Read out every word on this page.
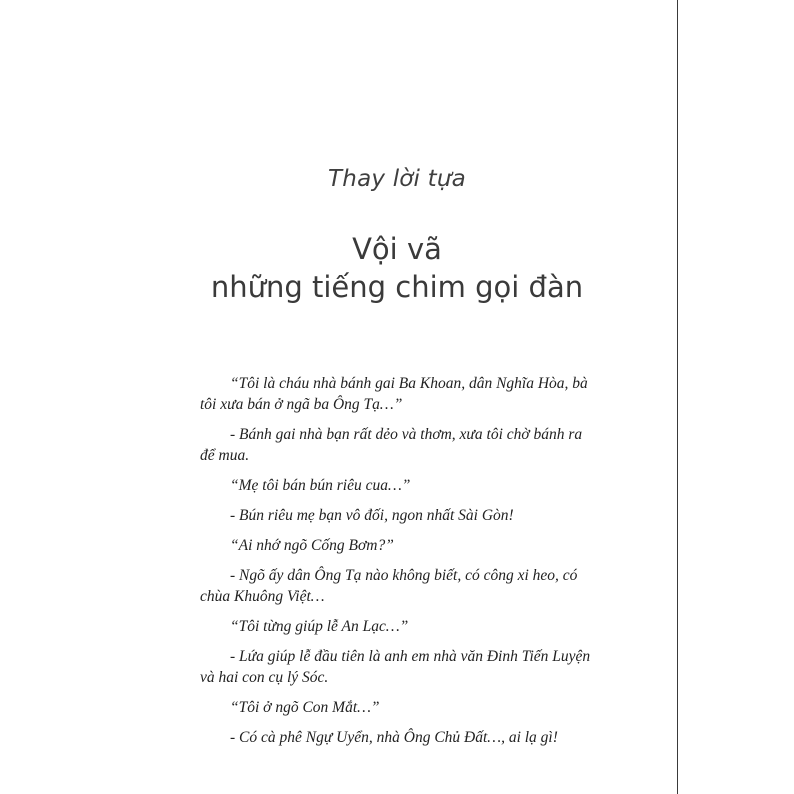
Thay lời tựa
Vội vã
những tiếng chim gọi đàn

“Tôi là cháu nhà bánh gai Ba Khoan, dân Nghĩa Hòa, bà tôi xưa bán ở ngã ba Ông Tạ…”

- Bánh gai nhà bạn rất dẻo và thơm, xưa tôi chờ bánh ra để mua.

“Mẹ tôi bán bún riêu cua…”

- Bún riêu mẹ bạn vô đối, ngon nhất Sài Gòn!

“Ai nhớ ngõ Cống Bơm?”

- Ngõ ấy dân Ông Tạ nào không biết, có công xi heo, có chùa Khuông Việt…

“Tôi từng giúp lễ An Lạc…”

- Lứa giúp lễ đầu tiên là anh em nhà văn Đinh Tiến Luyện và hai con cụ lý Sóc.

“Tôi ở ngõ Con Mắt…”

- Có cà phê Ngự Uyển, nhà Ông Chủ Đất…, ai lạ gì!
